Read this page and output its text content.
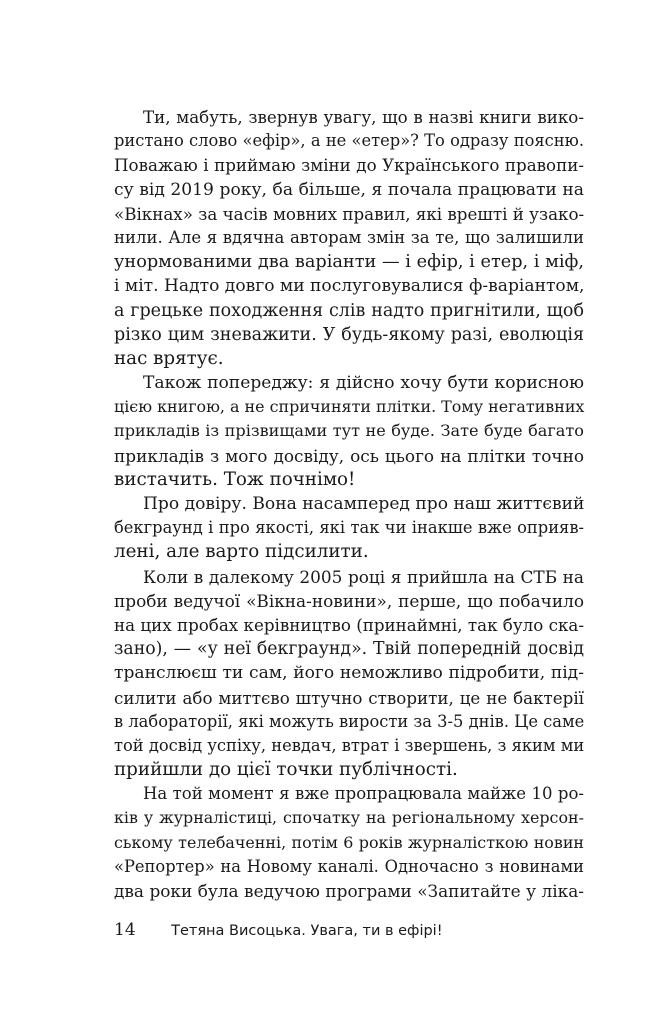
Ти, мабуть, звернув увагу, що в назві книги вико-
ристано слово «ефір», а не «етер»? То одразу поясню.
Поважаю і приймаю зміни до Українського правопи-
су від 2019 року, ба більше, я почала працювати на
«Вікнах» за часів мовних правил, які врешті й узако-
нили. Але я вдячна авторам змін за те, що залишили
унормованими два варіанти — і ефір, і етер, і міф,
і міт. Надто довго ми послуговувалися ф-варіантом,
а грецьке походження слів надто пригнітили, щоб
різко цим зневажити. У будь-якому разі, еволюція
нас врятує.
Також попереджу: я дійсно хочу бути корисною
цією книгою, а не спричиняти плітки. Тому негативних
прикладів із прізвищами тут не буде. Зате буде багато
прикладів з мого досвіду, ось цього на плітки точно
вистачить. Тож почнімо!
Про довіру. Вона насамперед про наш життєвий
бекграунд і про якості, які так чи інакше вже оприяв-
лені, але варто підсилити.
Коли в далекому 2005 році я прийшла на СТБ на
проби ведучої «Вікна-новини», перше, що побачило
на цих пробах керівництво (принаймні, так було ска-
зано), — «у неї бекграунд». Твій попередній досвід
транслюєш ти сам, його неможливо підробити, під-
силити або миттєво штучно створити, це не бактерії
в лабораторії, які можуть вирости за 3-5 днів. Це саме
той досвід успіху, невдач, втрат і звершень, з яким ми
прийшли до цієї точки публічності.
На той момент я вже пропрацювала майже 10 ро-
ків у журналістиці, спочатку на регіональному херсон-
ському телебаченні, потім 6 років журналісткою новин
«Репортер» на Новому каналі. Одночасно з новинами
два роки була ведучою програми «Запитайте у ліка-
14 Тетяна Висоцька. Увага, ти в ефірі!
